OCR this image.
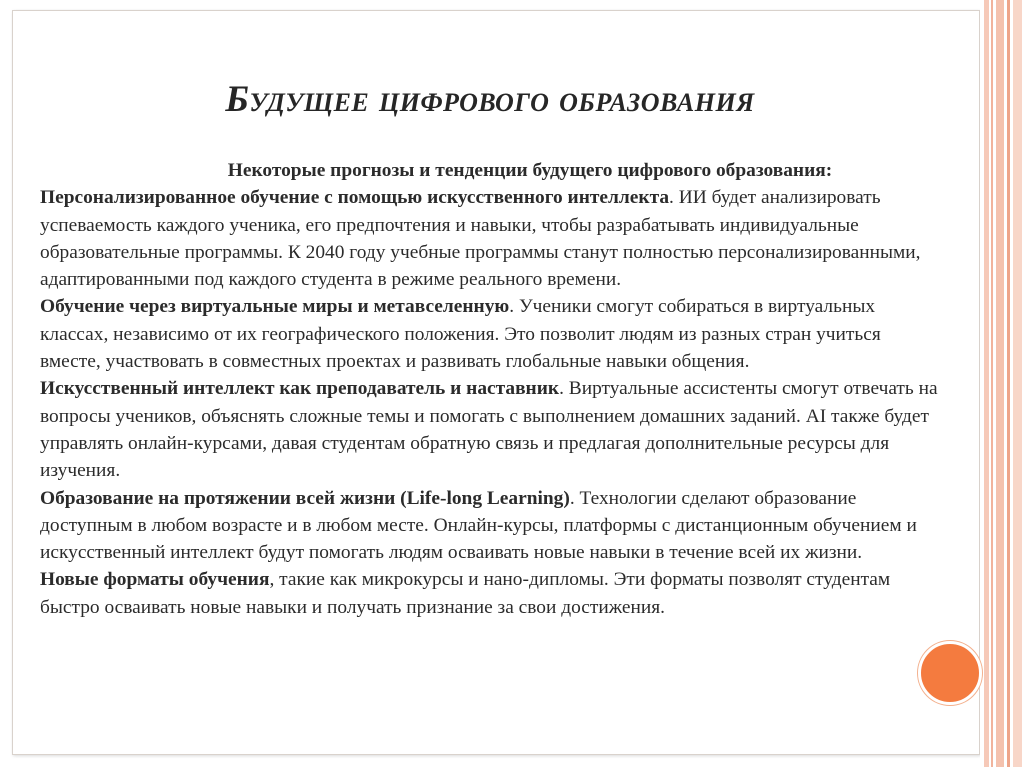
Будущее цифрового образования
Некоторые прогнозы и тенденции будущего цифрового образования:

Персонализированное обучение с помощью искусственного интеллекта. ИИ будет анализировать успеваемость каждого ученика, его предпочтения и навыки, чтобы разрабатывать индивидуальные образовательные программы. К 2040 году учебные программы станут полностью персонализированными, адаптированными под каждого студента в режиме реального времени.

Обучение через виртуальные миры и метавселенную. Ученики смогут собираться в виртуальных классах, независимо от их географического положения. Это позволит людям из разных стран учиться вместе, участвовать в совместных проектах и развивать глобальные навыки общения.

Искусственный интеллект как преподаватель и наставник. Виртуальные ассистенты смогут отвечать на вопросы учеников, объяснять сложные темы и помогать с выполнением домашних заданий. AI также будет управлять онлайн-курсами, давая студентам обратную связь и предлагая дополнительные ресурсы для изучения.

Образование на протяжении всей жизни (Life-long Learning). Технологии сделают образование доступным в любом возрасте и в любом месте. Онлайн-курсы, платформы с дистанционным обучением и искусственный интеллект будут помогать людям осваивать новые навыки в течение всей их жизни.

Новые форматы обучения, такие как микрокурсы и нано-дипломы. Эти форматы позволят студентам быстро осваивать новые навыки и получать признание за свои достижения.
